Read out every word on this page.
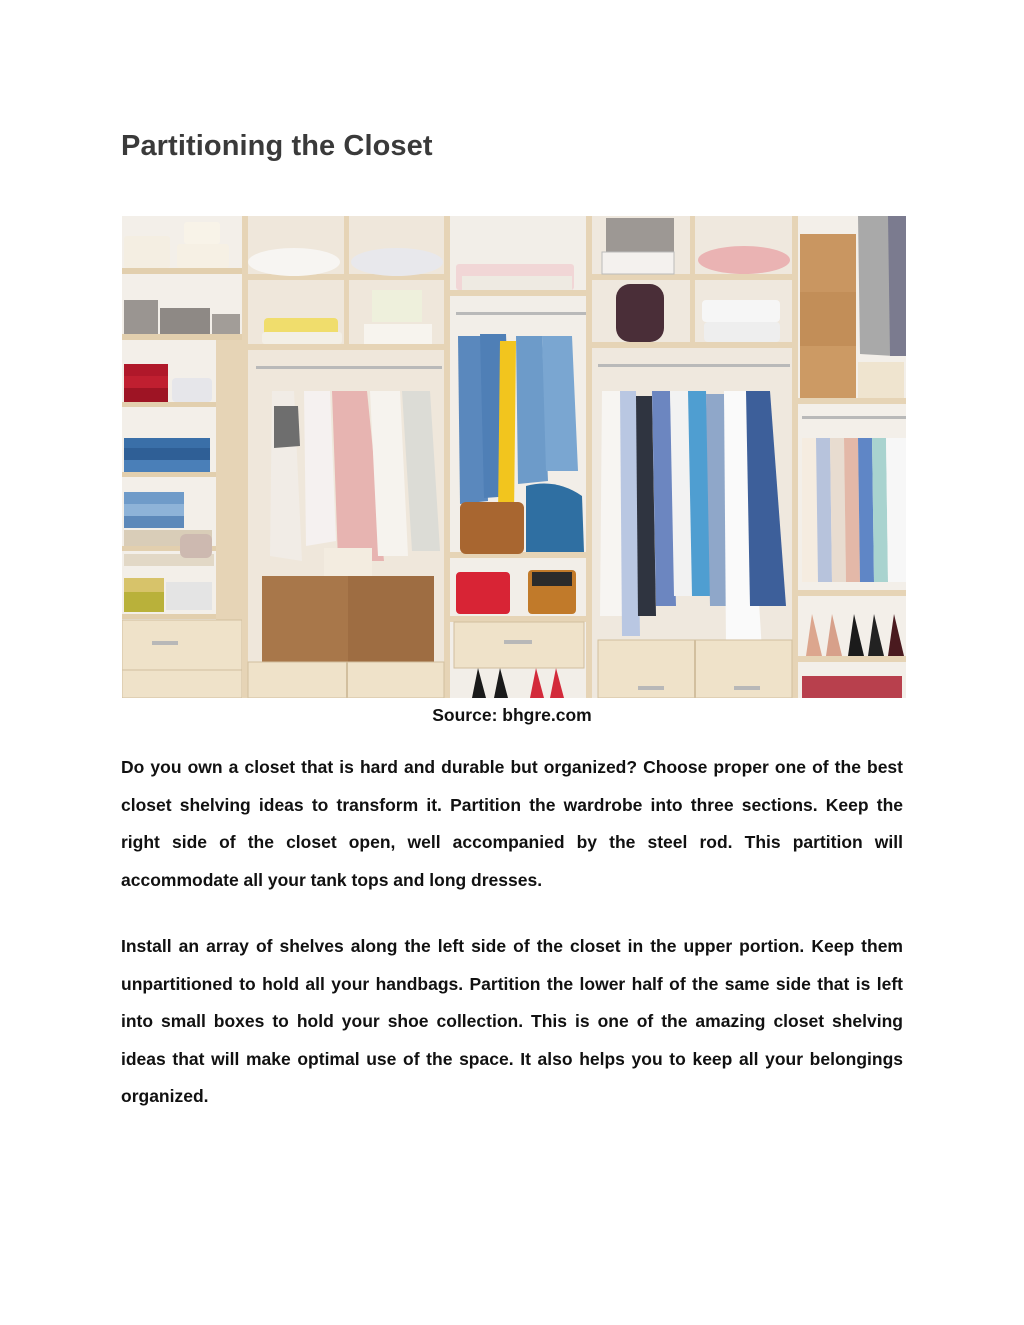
Partitioning the Closet
Source: bhgre.com

Do you own a closet that is hard and durable but organized? Choose proper one of the best closet shelving ideas to transform it. Partition the wardrobe into three sections. Keep the right side of the closet open, well accompanied by the steel rod. This partition will accommodate all your tank tops and long dresses.

Install an array of shelves along the left side of the closet in the upper portion. Keep them unpartitioned to hold all your handbags. Partition the lower half of the same side that is left into small boxes to hold your shoe collection. This is one of the amazing closet shelving ideas that will make optimal use of the space. It also helps you to keep all your belongings organized.
